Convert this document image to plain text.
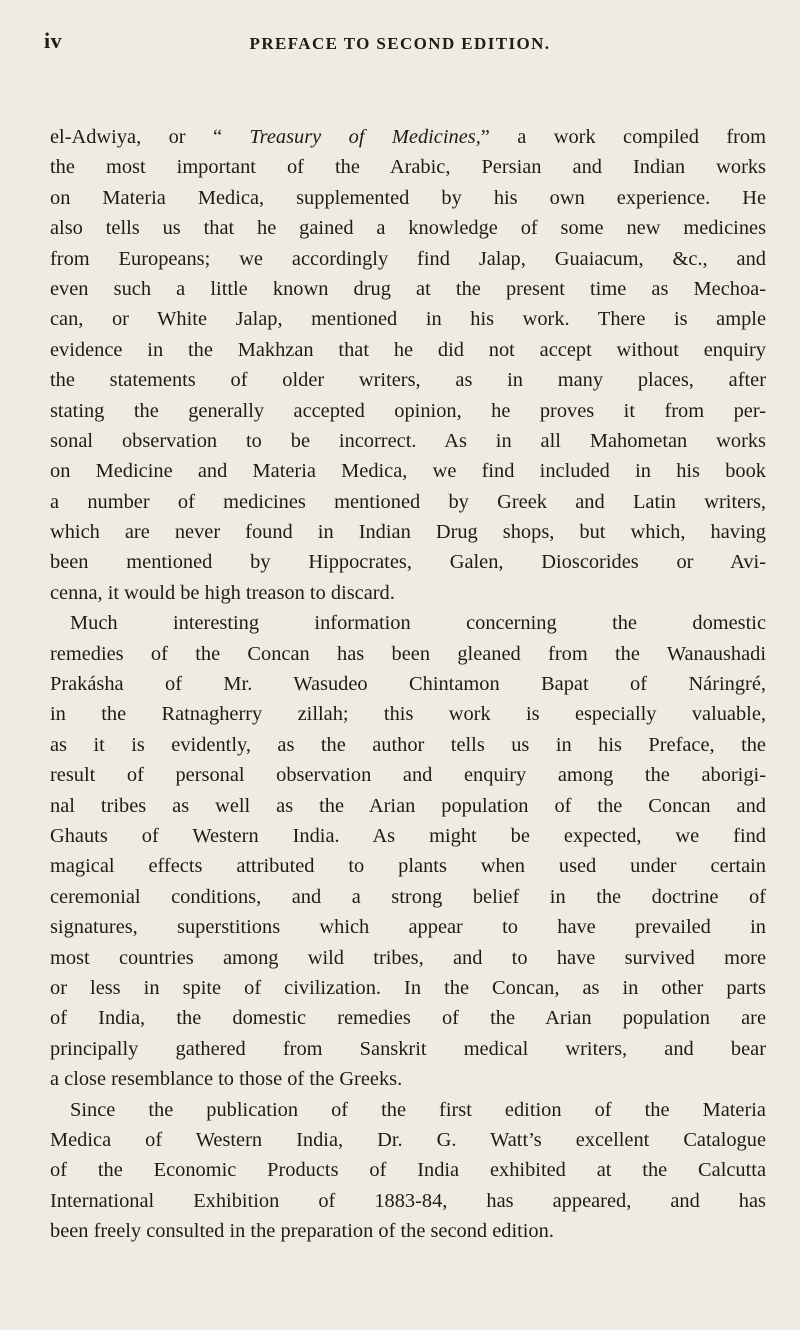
iv	PREFACE TO SECOND EDITION.
el-Adwiya, or “ Treasury of Medicines,” a work compiled from
the most important of the Arabic, Persian and Indian works
on Materia Medica, supplemented by his own experience. He
also tells us that he gained a knowledge of some new medicines
from Europeans; we accordingly find Jalap, Guaiacum, &c., and
even such a little known drug at the present time as Mechoa-
can, or White Jalap, mentioned in his work. There is ample
evidence in the Makhzan that he did not accept without enquiry
the statements of older writers, as in many places, after
stating the generally accepted opinion, he proves it from per-
sonal observation to be incorrect. As in all Mahometan works
on Medicine and Materia Medica, we find included in his book
a number of medicines mentioned by Greek and Latin writers,
which are never found in Indian Drug shops, but which, having
been mentioned by Hippocrates, Galen, Dioscorides or Avi-
cenna, it would be high treason to discard.
Much interesting information concerning the domestic
remedies of the Concan has been gleaned from the Wanaushadi
Prakásha of Mr. Wasudeo Chintamon Bapat of Náringré,
in the Ratnagherry zillah; this work is especially valuable,
as it is evidently, as the author tells us in his Preface, the
result of personal observation and enquiry among the aborigi-
nal tribes as well as the Arian population of the Concan and
Ghauts of Western India. As might be expected, we find
magical effects attributed to plants when used under certain
ceremonial conditions, and a strong belief in the doctrine of
signatures, superstitions which appear to have prevailed in
most countries among wild tribes, and to have survived more
or less in spite of civilization. In the Concan, as in other parts
of India, the domestic remedies of the Arian population are
principally gathered from Sanskrit medical writers, and bear
a close resemblance to those of the Greeks.
Since the publication of the first edition of the Materia
Medica of Western India, Dr. G. Watt’s excellent Catalogue
of the Economic Products of India exhibited at the Calcutta
International Exhibition of 1883-84, has appeared, and has
been freely consulted in the preparation of the second edition.
